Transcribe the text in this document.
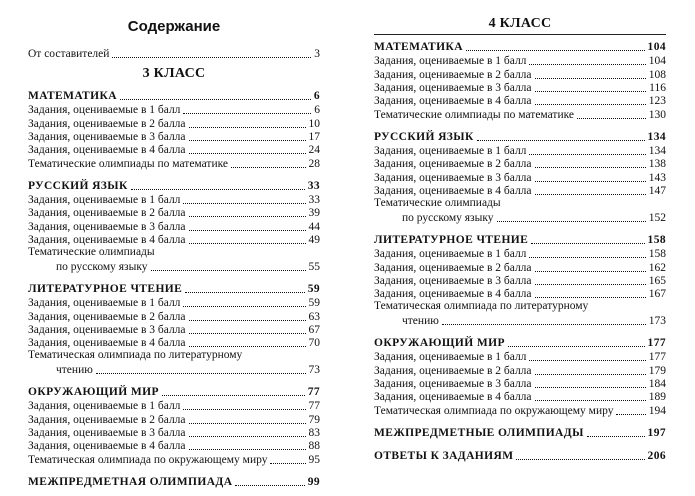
Содержание
От составителей	3
3 КЛАСС
МАТЕМАТИКА	6
Задания, оцениваемые в 1 балл	6
Задания, оцениваемые в 2 балла	10
Задания, оцениваемые в 3 балла	17
Задания, оцениваемые в 4 балла	24
Тематические олимпиады по математике	28
РУССКИЙ ЯЗЫК	33
Задания, оцениваемые в 1 балл	33
Задания, оцениваемые в 2 балла	39
Задания, оцениваемые в 3 балла	44
Задания, оцениваемые в 4 балла	49
Тематические олимпиады
по русскому языку	55
ЛИТЕРАТУРНОЕ ЧТЕНИЕ	59
Задания, оцениваемые в 1 балл	59
Задания, оцениваемые в 2 балла	63
Задания, оцениваемые в 3 балла	67
Задания, оцениваемые в 4 балла	70
Тематическая олимпиада по литературному
чтению	73
ОКРУЖАЮЩИЙ МИР	77
Задания, оцениваемые в 1 балл	77
Задания, оцениваемые в 2 балла	79
Задания, оцениваемые в 3 балла	83
Задания, оцениваемые в 4 балла	88
Тематическая олимпиада по окружающему миру	95
МЕЖПРЕДМЕТНАЯ ОЛИМПИАДА	99
4 КЛАСС
МАТЕМАТИКА	104
Задания, оцениваемые в 1 балл	104
Задания, оцениваемые в 2 балла	108
Задания, оцениваемые в 3 балла	116
Задания, оцениваемые в 4 балла	123
Тематические олимпиады по математике	130
РУССКИЙ ЯЗЫК	134
Задания, оцениваемые в 1 балл	134
Задания, оцениваемые в 2 балла	138
Задания, оцениваемые в 3 балла	143
Задания, оцениваемые в 4 балла	147
Тематические олимпиады
по русскому языку	152
ЛИТЕРАТУРНОЕ ЧТЕНИЕ	158
Задания, оцениваемые в 1 балл	158
Задания, оцениваемые в 2 балла	162
Задания, оцениваемые в 3 балла	165
Задания, оцениваемые в 4 балла	167
Тематическая олимпиада по литературному
чтению	173
ОКРУЖАЮЩИЙ МИР	177
Задания, оцениваемые в 1 балл	177
Задания, оцениваемые в 2 балла	179
Задания, оцениваемые в 3 балла	184
Задания, оцениваемые в 4 балла	189
Тематическая олимпиада по окружающему миру	194
МЕЖПРЕДМЕТНЫЕ ОЛИМПИАДЫ	197
ОТВЕТЫ К ЗАДАНИЯМ	206
